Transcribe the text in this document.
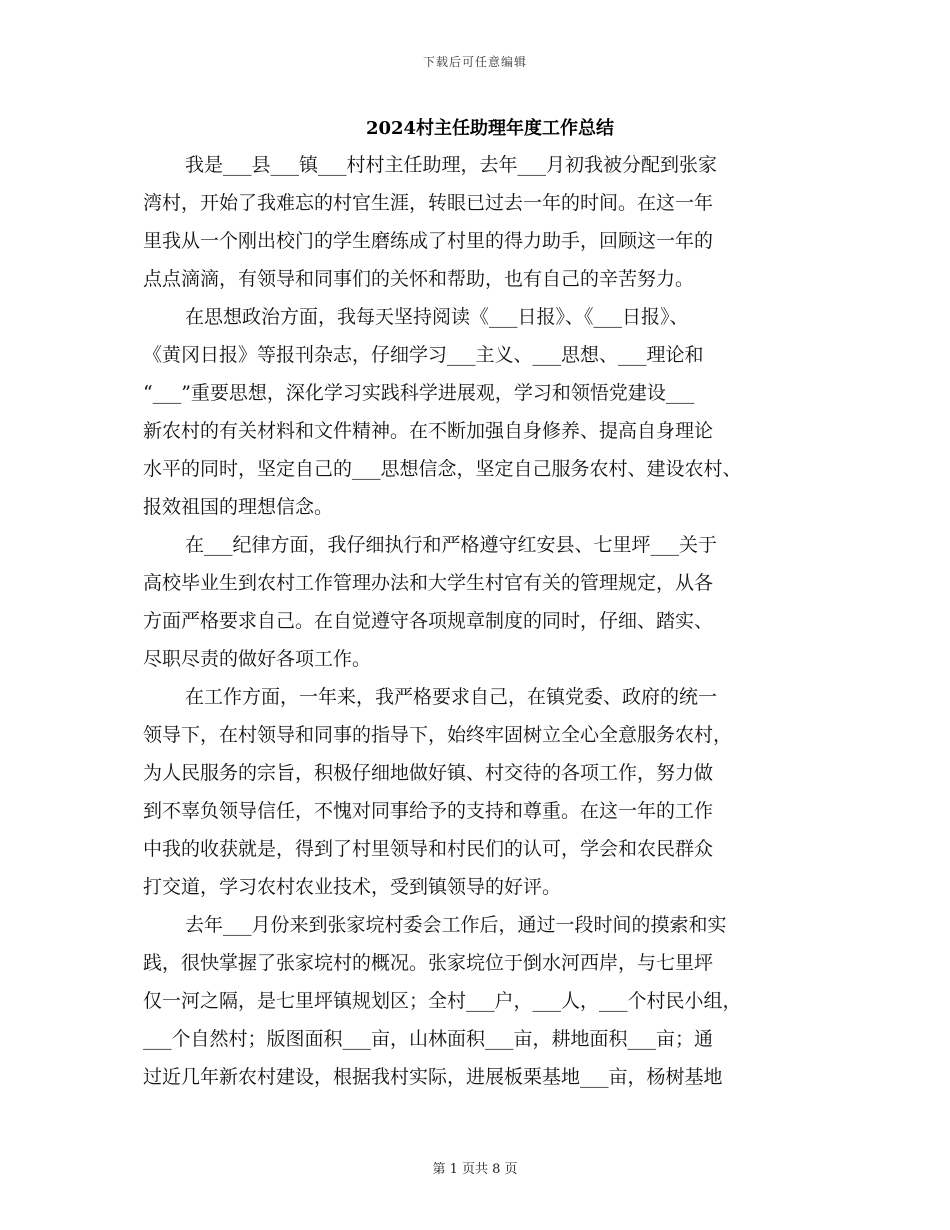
下载后可任意编辑
2024村主任助理年度工作总结
我是___县___镇___村村主任助理，去年___月初我被分配到张家
湾村，开始了我难忘的村官生涯，转眼已过去一年的时间。在这一年
里我从一个刚出校门的学生磨练成了村里的得力助手，回顾这一年的
点点滴滴，有领导和同事们的关怀和帮助，也有自己的辛苦努力。
在思想政治方面，我每天坚持阅读《___日报》、《___日报》、
《黄冈日报》等报刊杂志，仔细学习___主义、___思想、___理论和
“___”重要思想，深化学习实践科学进展观，学习和领悟党建设___
新农村的有关材料和文件精神。在不断加强自身修养、提高自身理论
水平的同时，坚定自己的___思想信念，坚定自己服务农村、建设农村、
报效祖国的理想信念。
在___纪律方面，我仔细执行和严格遵守红安县、七里坪___关于
高校毕业生到农村工作管理办法和大学生村官有关的管理规定，从各
方面严格要求自己。在自觉遵守各项规章制度的同时，仔细、踏实、
尽职尽责的做好各项工作。
在工作方面，一年来，我严格要求自己，在镇党委、政府的统一
领导下，在村领导和同事的指导下，始终牢固树立全心全意服务农村，
为人民服务的宗旨，积极仔细地做好镇、村交待的各项工作，努力做
到不辜负领导信任，不愧对同事给予的支持和尊重。在这一年的工作
中我的收获就是，得到了村里领导和村民们的认可，学会和农民群众
打交道，学习农村农业技术，受到镇领导的好评。
去年___月份来到张家垸村委会工作后，通过一段时间的摸索和实
践，很快掌握了张家垸村的概况。张家垸位于倒水河西岸，与七里坪
仅一河之隔，是七里坪镇规划区；全村___户，___人，___个村民小组，
___个自然村；版图面积___亩，山林面积___亩，耕地面积___亩；通
过近几年新农村建设，根据我村实际，进展板栗基地___亩，杨树基地
第 1 页共 8 页
